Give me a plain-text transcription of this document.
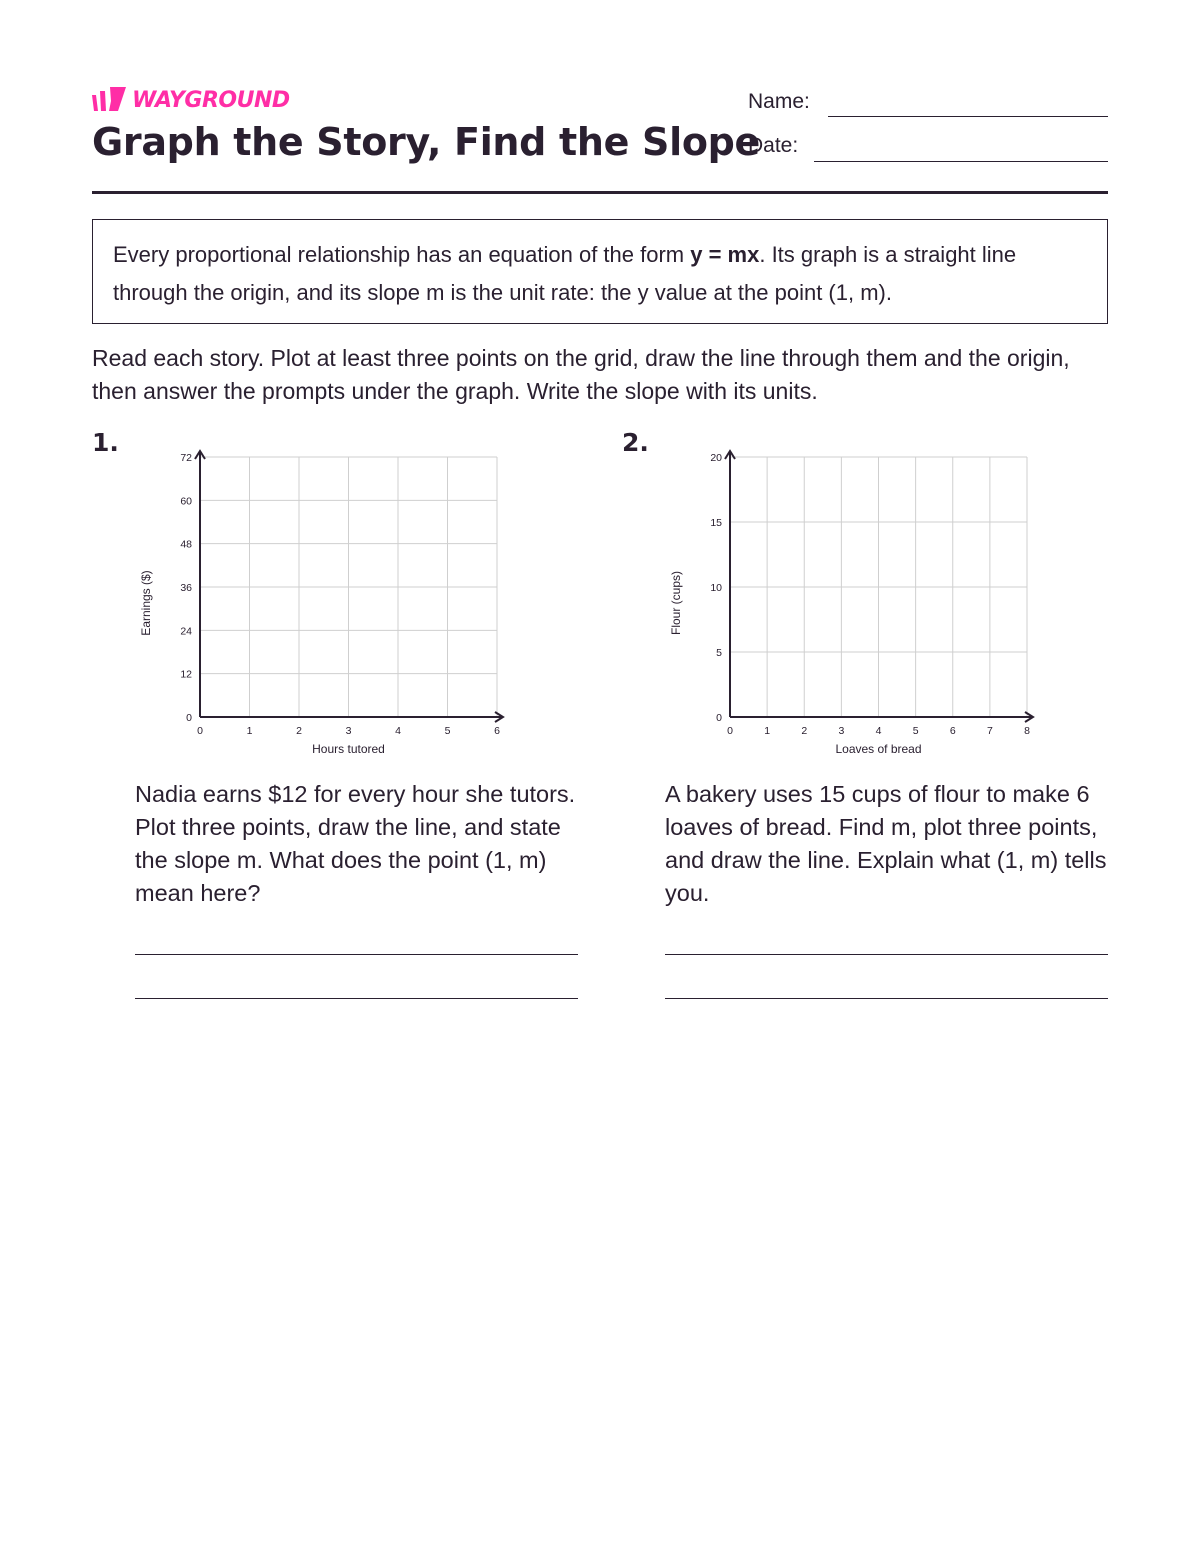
WAYGROUND
Graph the Story, Find the Slope
Name:
Date:
Every proportional relationship has an equation of the form y = mx. Its graph is a straight line through the origin, and its slope m is the unit rate: the y value at the point (1, m).

Read each story. Plot at least three points on the grid, draw the line through them and the origin, then answer the prompts under the graph. Write the slope with its units.

1.
0	1	2	3	4	5	6
0
12
24
36
48
60
72
Hours tutored
Earnings ($)

Nadia earns $12 for every hour she tutors. Plot three points, draw the line, and state the slope m. What does the point (1, m) mean here?

2.
0	1	2	3	4	5	6	7	8
0
5
10
15
20
Loaves of bread
Flour (cups)

A bakery uses 15 cups of flour to make 6 loaves of bread. Find m, plot three points, and draw the line. Explain what (1, m) tells you.
